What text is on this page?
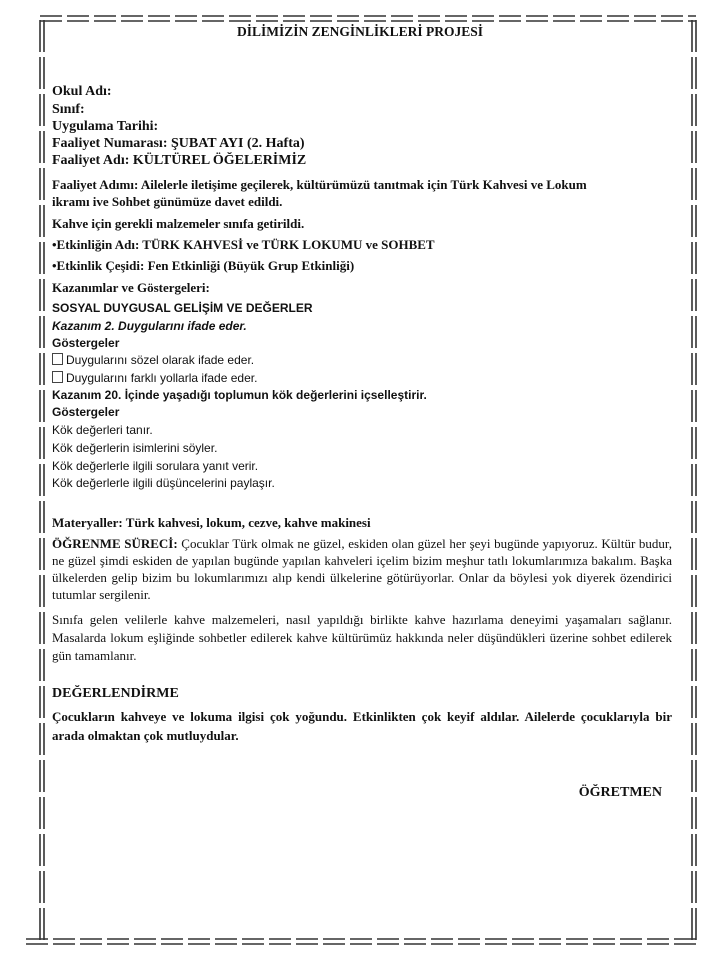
DİLİMİZİN ZENGİNLİKLERİ PROJESİ
Okul Adı:
Sınıf:
Uygulama Tarihi:
Faaliyet Numarası: ŞUBAT AYI (2. Hafta)
Faaliyet Adı: KÜLTÜREL ÖĞELERİMİZ
Faaliyet Adımı: Ailelerle iletişime geçilerek, kültürümüzü tanıtmak için Türk Kahvesi ve Lokum
ikramı ive Sohbet günümüze davet edildi.
Kahve için gerekli malzemeler sınıfa getirildi.
•Etkinliğin Adı: TÜRK KAHVESİ ve TÜRK LOKUMU ve SOHBET
•Etkinlik Çeşidi: Fen Etkinliği (Büyük Grup Etkinliği)
Kazanımlar ve Göstergeleri:
SOSYAL DUYGUSAL GELİŞİM VE DEĞERLER
Kazanım 2. Duygularını ifade eder.
Göstergeler
Duygularını sözel olarak ifade eder.
Duygularını farklı yollarla ifade eder.
Kazanım 20. İçinde yaşadığı toplumun kök değerlerini içselleştirir.
Göstergeler
Kök değerleri tanır.
Kök değerlerin isimlerini söyler.
Kök değerlerle ilgili sorulara yanıt verir.
Kök değerlerle ilgili düşüncelerini paylaşır.
Materyaller: Türk kahvesi, lokum, cezve, kahve makinesi
ÖĞRENME SÜRECİ: Çocuklar Türk olmak ne güzel, eskiden olan güzel her şeyi bugünde yapıyoruz. Kültür budur, ne güzel şimdi eskiden de yapılan bugünde yapılan kahveleri içelim bizim meşhur tatlı lokumlarımıza bakalım. Başka ülkelerden gelip bizim bu lokumlarımızı alıp kendi ülkelerine götürüyorlar. Onlar da böylesi yok diyerek özendirici tutumlar sergilenir.
Sınıfa gelen velilerle kahve malzemeleri, nasıl yapıldığı birlikte kahve hazırlama deneyimi yaşamaları sağlanır. Masalarda lokum eşliğinde sohbetler edilerek kahve kültürümüz hakkında neler düşündükleri üzerine sohbet edilerek gün tamamlanır.
DEĞERLENDİRME
Çocukların kahveye ve lokuma ilgisi çok yoğundu. Etkinlikten çok keyif aldılar. Ailelerde çocuklarıyla bir arada olmaktan çok mutluydular.
ÖĞRETMEN
